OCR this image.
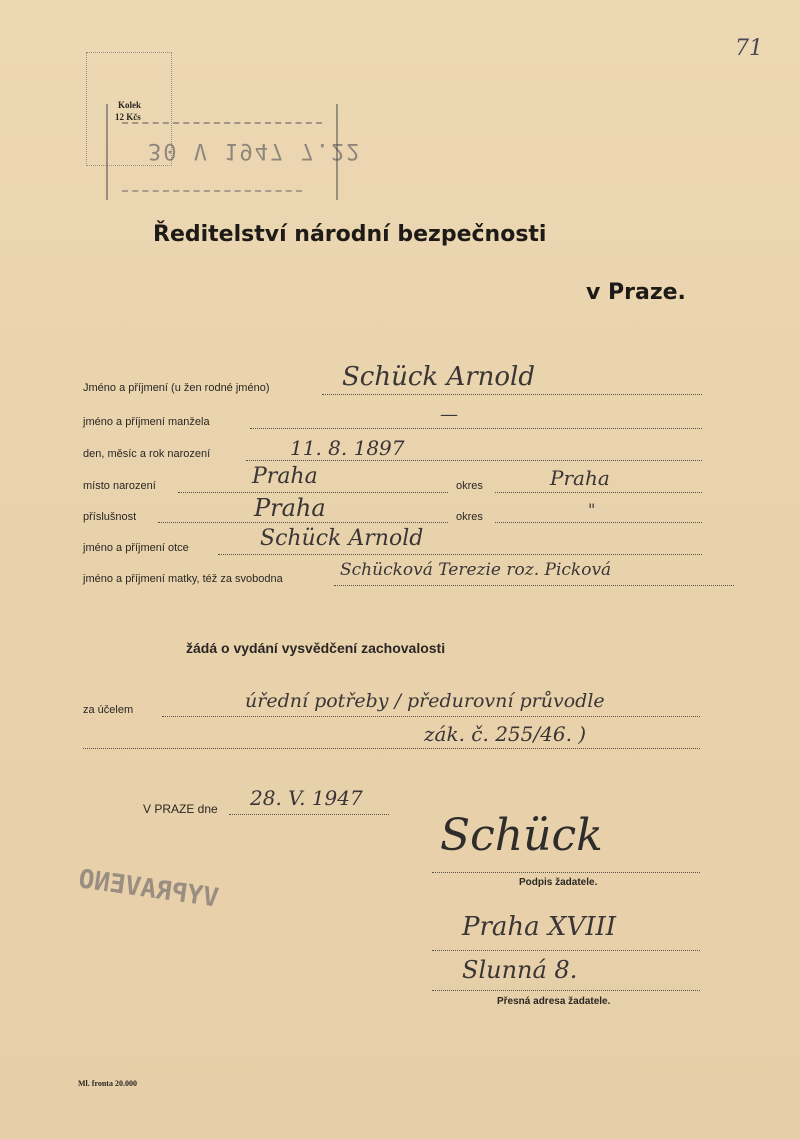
71
Kolek
12 Kčs
30 V 1947 7.22
Ředitelství národní bezpečnosti
v Praze.
Jméno a příjmení (u žen rodné jméno)	Schück Arnold
jméno a příjmení manžela	—
den, měsíc a rok narození	11. 8. 1897
místo narození	Praha	okres	Praha
příslušnost	Praha	okres	"
jméno a příjmení otce	Schück Arnold
jméno a příjmení matky, též za svobodna	Schücková Terezie roz. Picková
žádá o vydání vysvědčení zachovalosti
za účelem	úřední potřeby / předurovní průvodle
zák. č. 255/46. )
V PRAZE dne 28. V. 1947
Schück
Podpis žadatele.
Praha XVIII
Slunná 8.
Přesná adresa žadatele.
VYPRAVENO
Ml. fronta 20.000
